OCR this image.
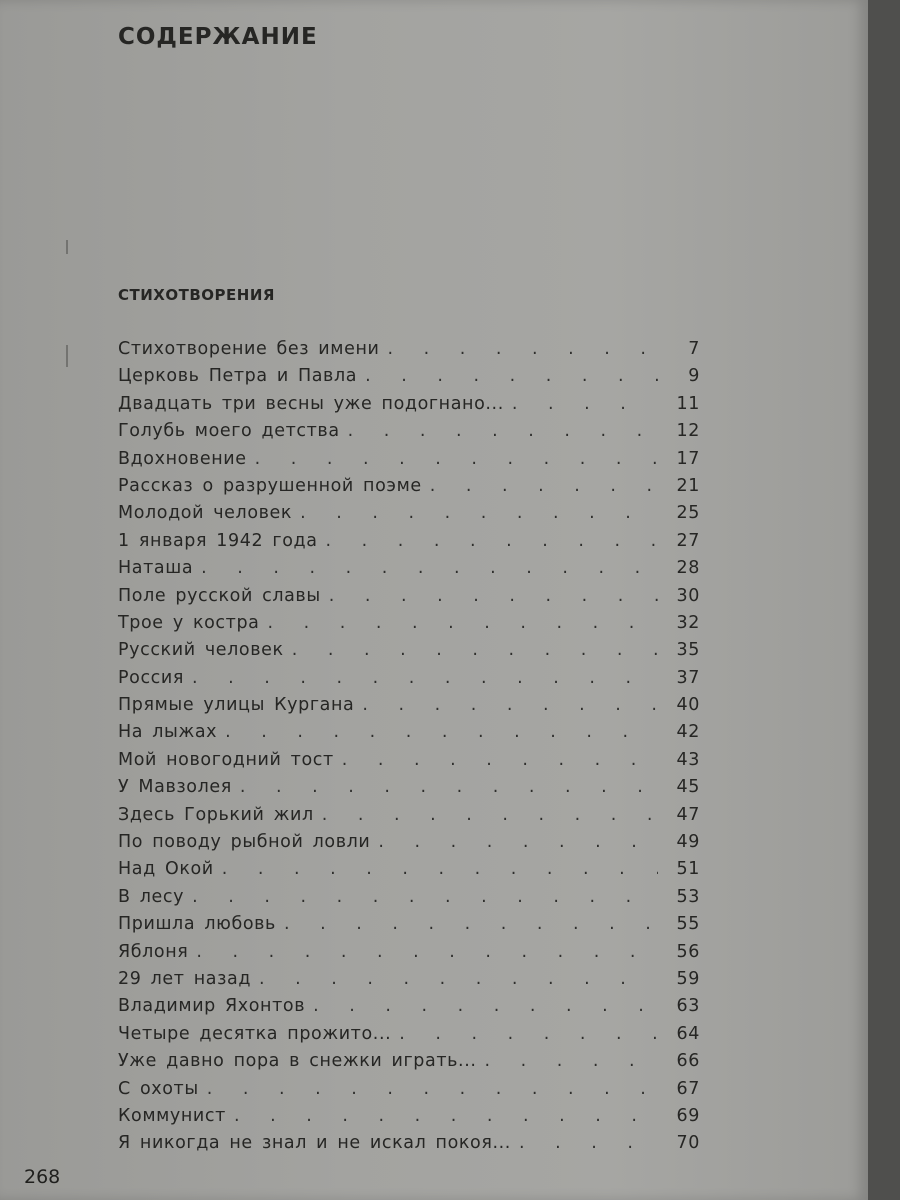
СОДЕРЖАНИЕ
СТИХОТВОРЕНИЯ
Стихотворение без имени . . .	7
Церковь Петра и Павла . . .	9
Двадцать три весны уже подогнано... . . .	11
Голубь моего детства . . .	12
Вдохновение . . .	17
Рассказ о разрушенной поэме . . .	21
Молодой человек . . .	25
1 января 1942 года . . .	27
Наташа . . .	28
Поле русской славы . . .	30
Трое у костра . . .	32
Русский человек . . .	35
Россия . . .	37
Прямые улицы Кургана . . .	40
На лыжах . . .	42
Мой новогодний тост . . .	43
У Мавзолея . . .	45
Здесь Горький жил . . .	47
По поводу рыбной ловли . . .	49
Над Окой . . .	51
В лесу . . .	53
Пришла любовь . . .	55
Яблоня . . .	56
29 лет назад . . .	59
Владимир Яхонтов . . .	63
Четыре десятка прожито... . . .	64
Уже давно пора в снежки играть... . . .	66
С охоты . . .	67
Коммунист . . .	69
Я никогда не знал и не искал покоя... . . .	70
268
